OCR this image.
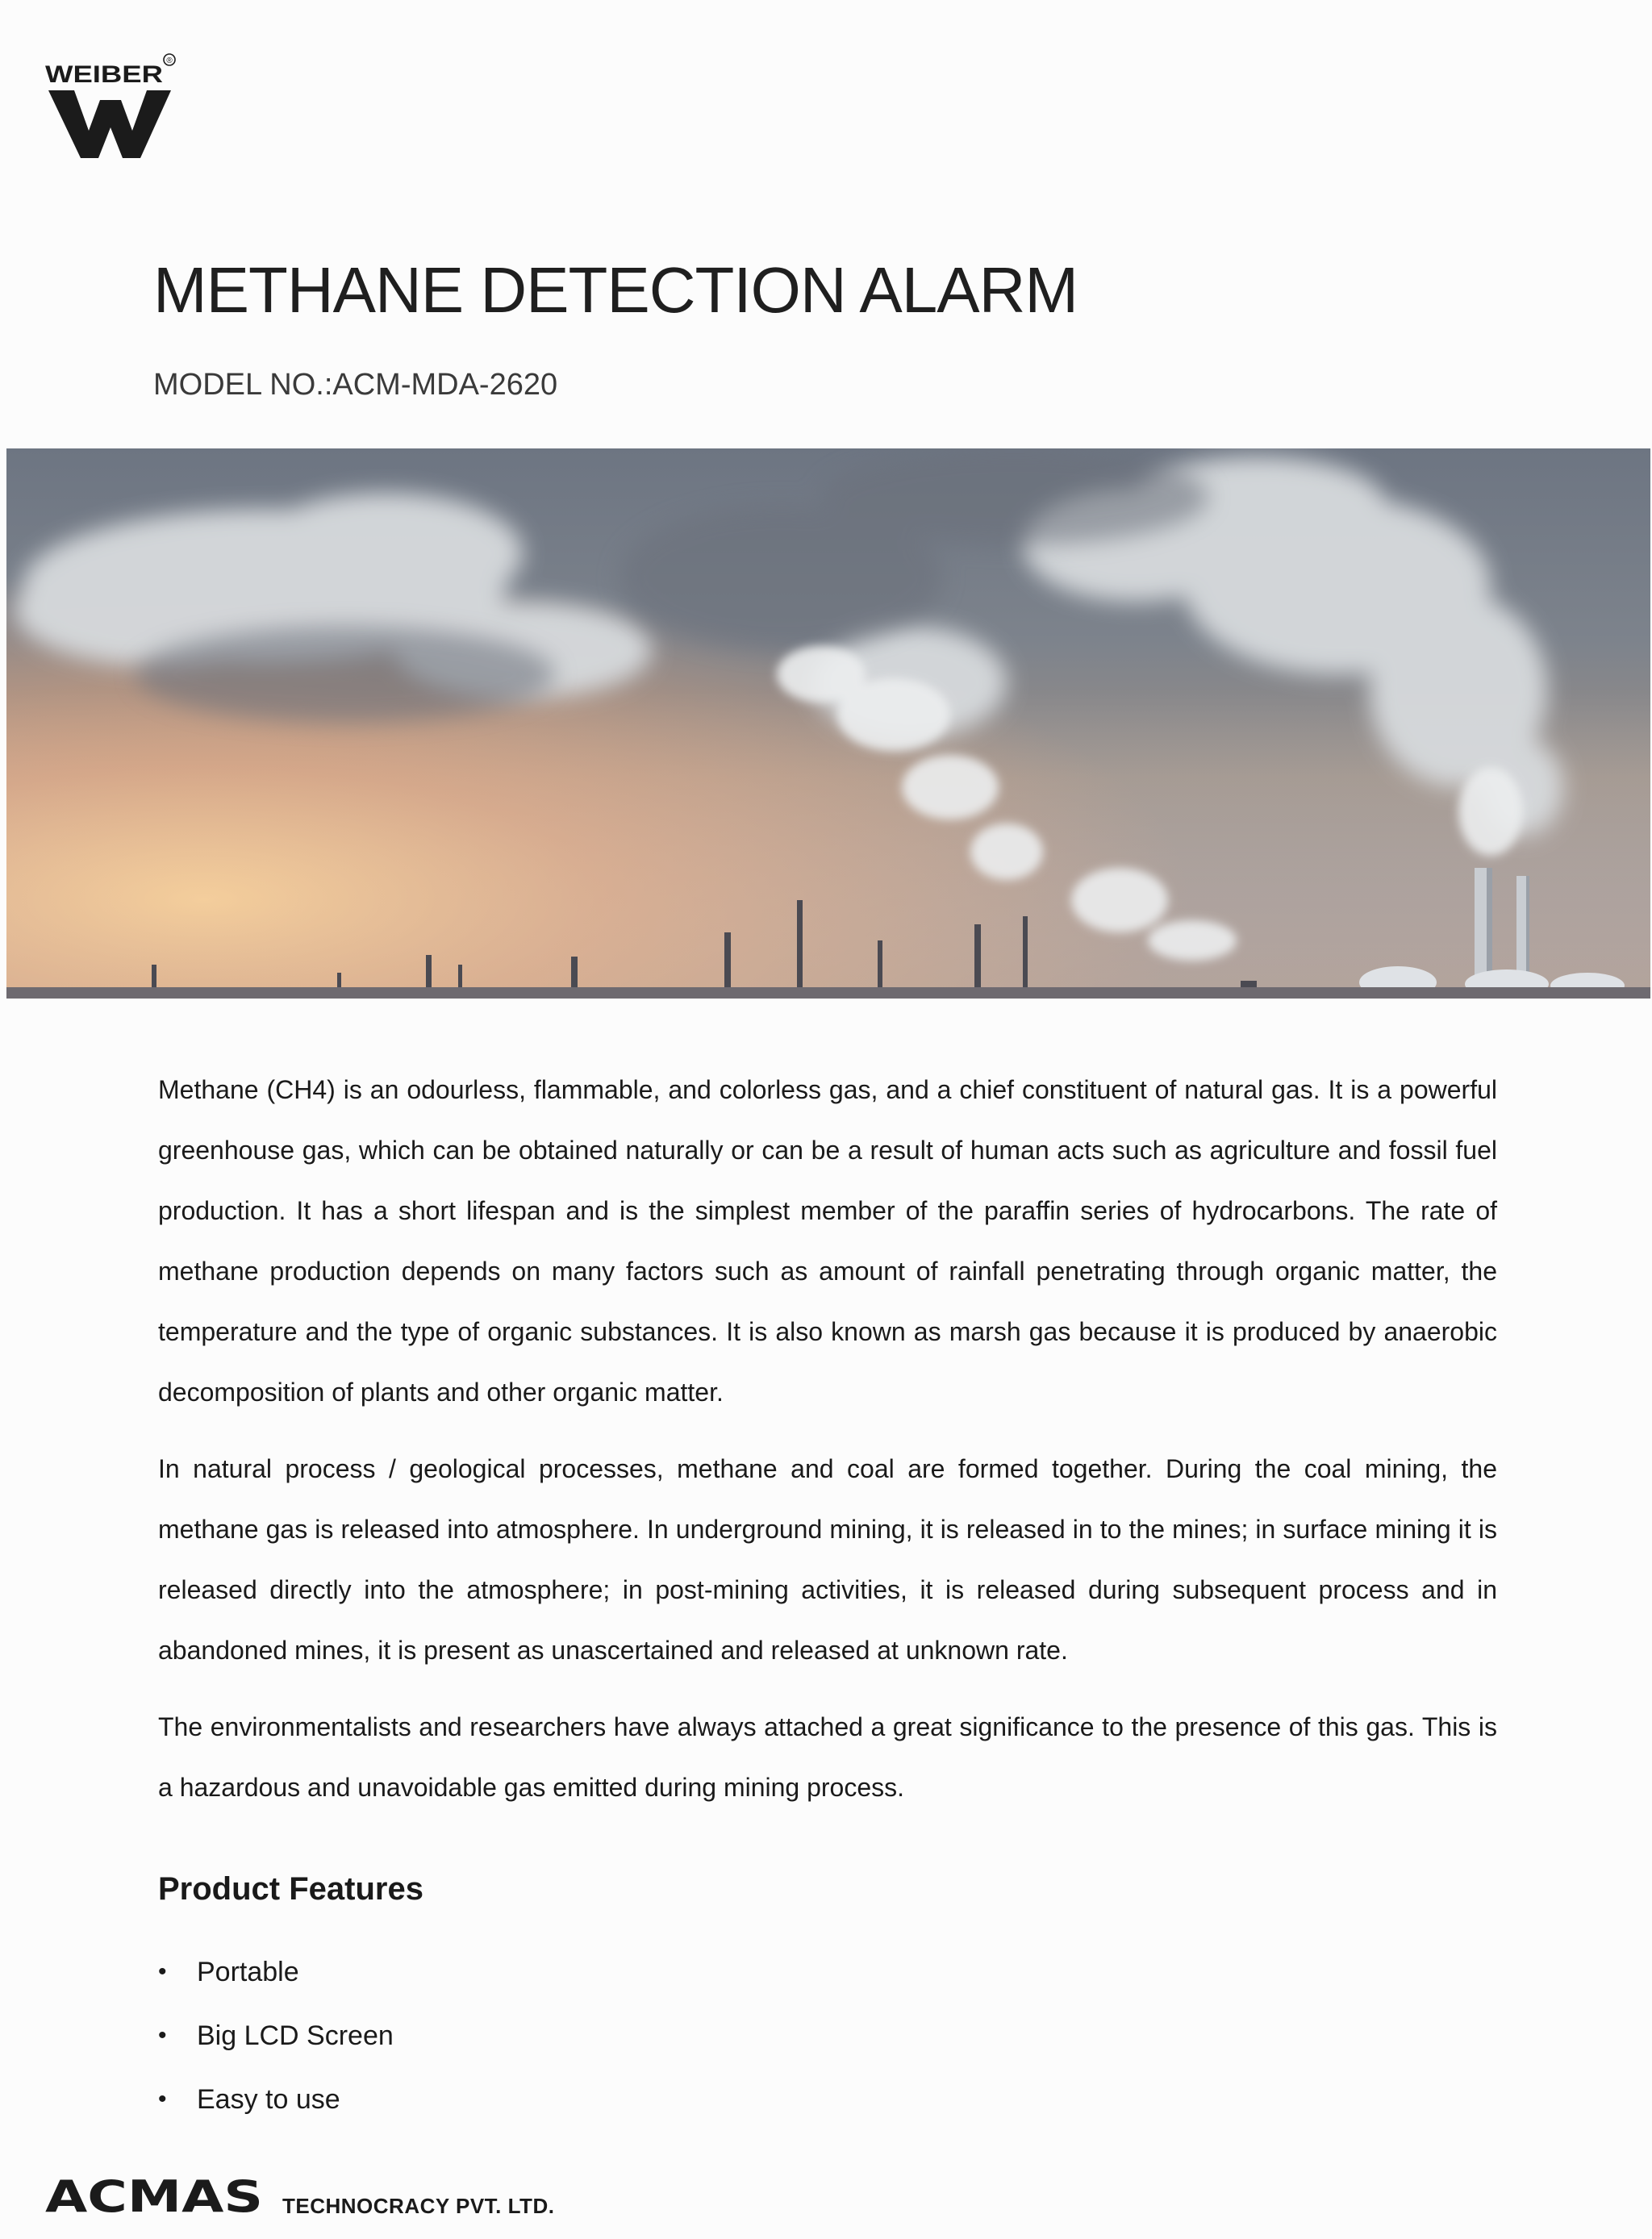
WEIBER
®
METHANE DETECTION ALARM

MODEL NO.:ACM-MDA-2620

Methane (CH4) is an odourless, flammable, and colorless gas, and a chief constituent of natural gas. It is a powerful greenhouse gas, which can be obtained naturally or can be a result of human acts such as agriculture and fossil fuel production. It has a short lifespan and is the simplest member of the paraffin series of hydrocarbons. The rate of methane production depends on many factors such as amount of rainfall penetrating through organic matter, the temperature and the type of organic substances. It is also known as marsh gas because it is produced by anaerobic decomposition of plants and other organic matter.

In natural process / geological processes, methane and coal are formed together. During the coal mining, the methane gas is released into atmosphere. In underground mining, it is released in to the mines; in surface mining it is released directly into the atmosphere; in post-mining activities, it is released during subsequent process and in abandoned mines, it is present as unascertained and released at unknown rate.

The environmentalists and researchers have always attached a great significance to the presence of this gas. This is a hazardous and unavoidable gas emitted during mining process.

Product Features
•	Portable
•	Big LCD Screen
•	Easy to use
ACMAS TECHNOCRACY PVT. LTD.
